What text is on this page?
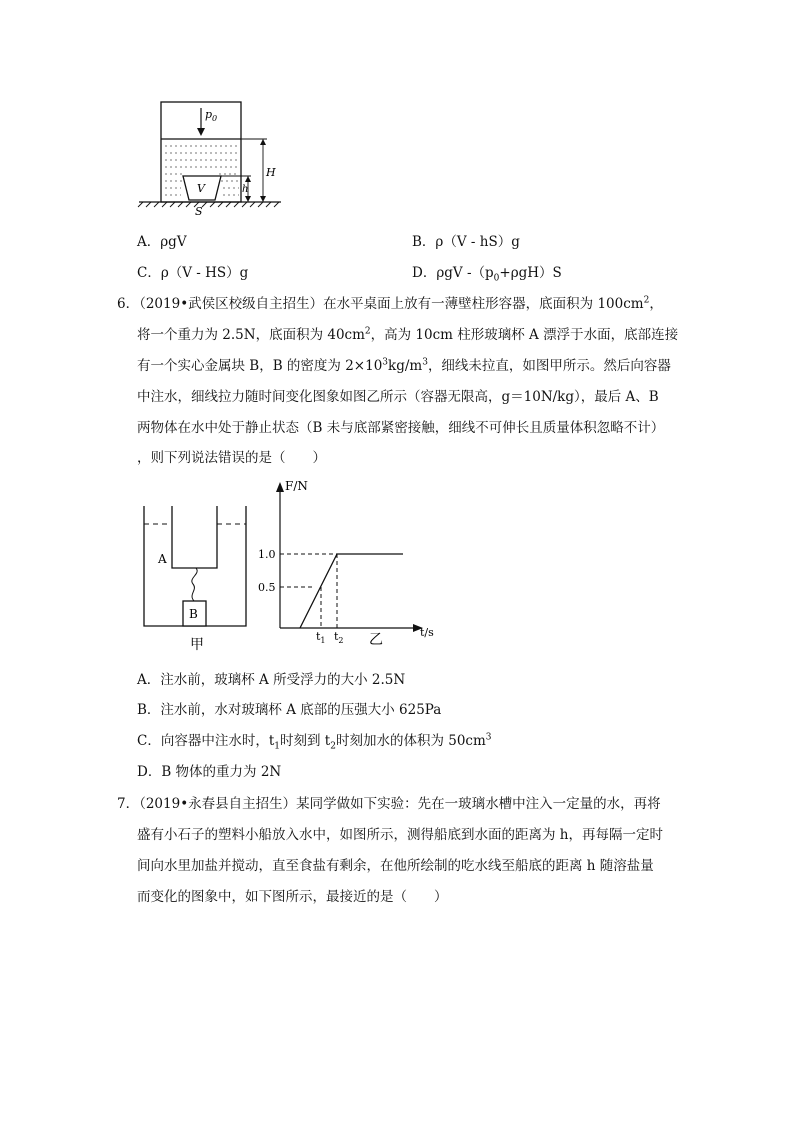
$p_0$
V
H
h
S
A．ρgV	B．ρ（V - hS）g
C．ρ（V - HS）g	D．ρgV $-(p_0+\rho gH)S$
6．（2019•武侯区校级自主招生）在水平桌面上放有一薄壁柱形容器，底面积为 $100cm^2$，
将一个重力为 2.5N，底面积为 $40cm^2$，高为 10cm 柱形玻璃杯 A 漂浮于水面，底部连接
有一个实心金属块 B，B 的密度为 $2\times 10^3kg/m^3$，细线未拉直，如图甲所示。然后向容器
中注水，细线拉力随时间变化图象如图乙所示（容器无限高，g＝10N/kg），最后 A、B
两物体在水中处于静止状态（B 未与底部紧密接触，细线不可伸长且质量体积忽略不计）
，则下列说法错误的是（　　）
A
B
甲
F/N
t/s
1.0
0.5
$t_1$ $t_2$ 乙
A．注水前，玻璃杯 A 所受浮力的大小 2.5N
B．注水前，水对玻璃杯 A 底部的压强大小 625Pa
C．向容器中注水时，$t_1$时刻到 $t_2$时刻加水的体积为 $50cm^3$
D．B 物体的重力为 2N
7．（2019•永春县自主招生）某同学做如下实验：先在一玻璃水槽中注入一定量的水，再将
盛有小石子的塑料小船放入水中，如图所示，测得船底到水面的距离为 h，再每隔一定时
间向水里加盐并搅动，直至食盐有剩余，在他所绘制的吃水线至船底的距离 h 随溶盐量
而变化的图象中，如下图所示，最接近的是（　　）
